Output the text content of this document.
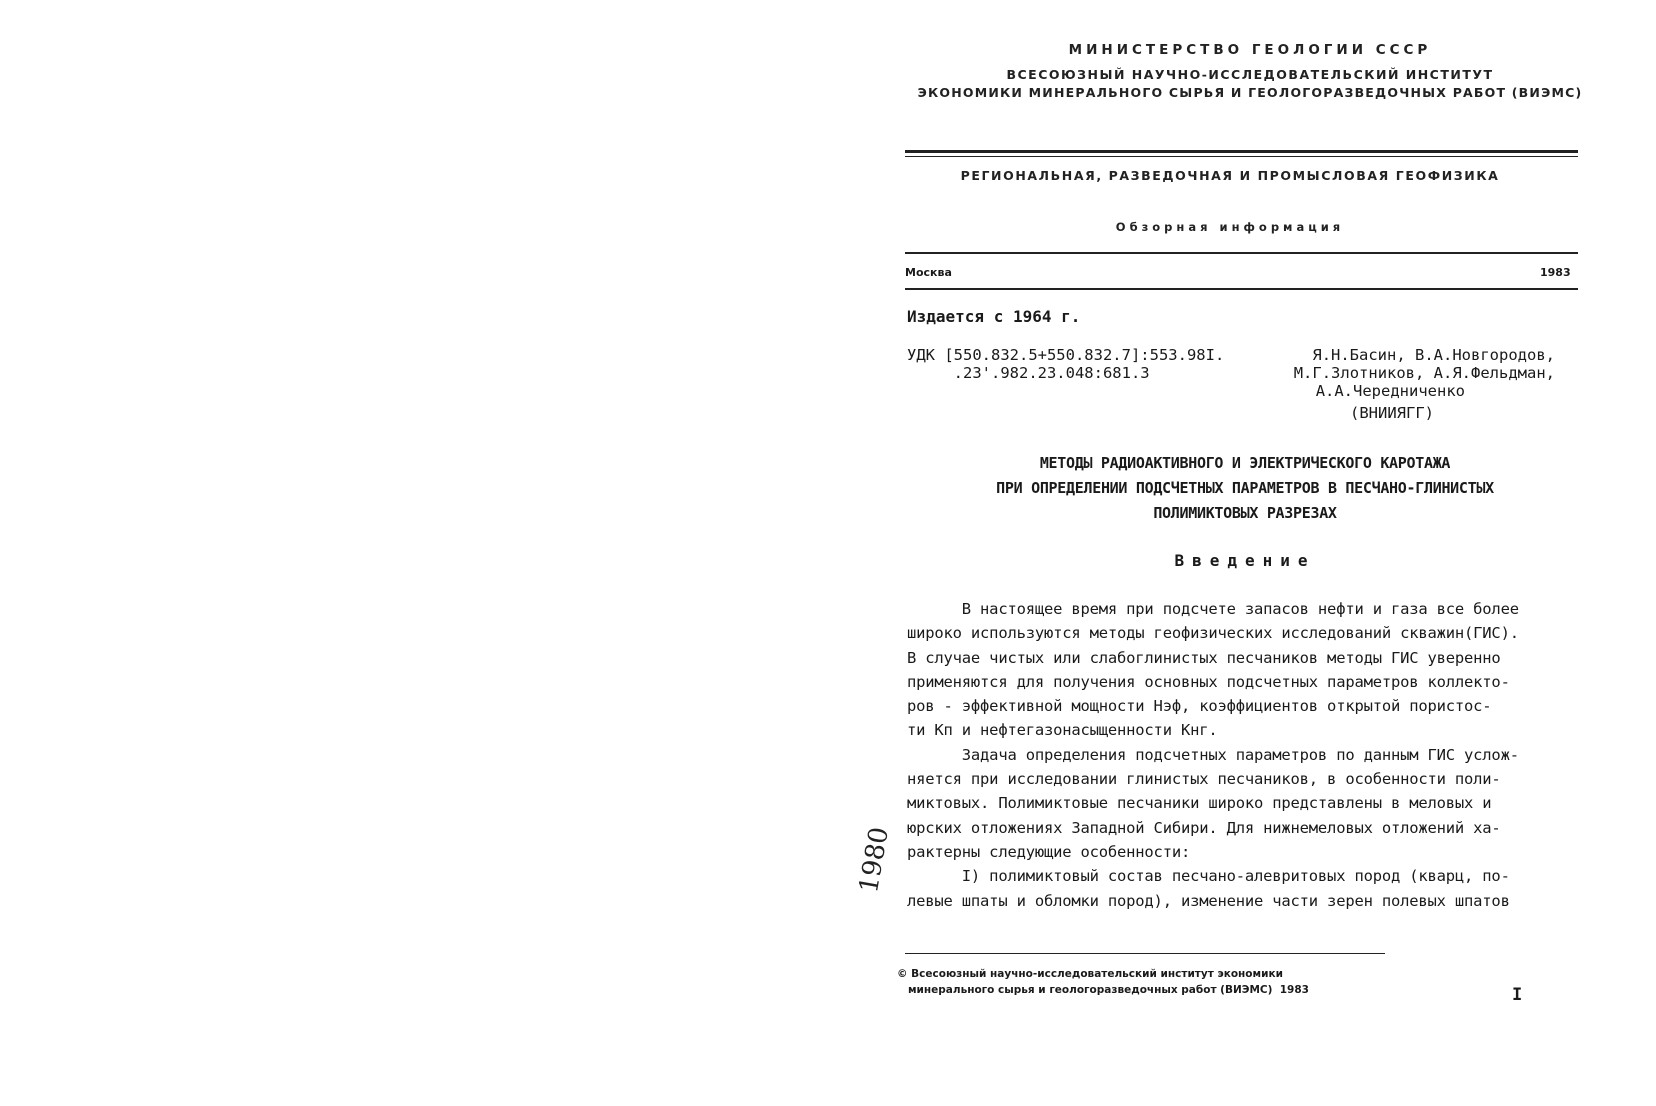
МИНИСТЕРСТВО ГЕОЛОГИИ СССР
ВСЕСОЮЗНЫЙ НАУЧНО-ИССЛЕДОВАТЕЛЬСКИЙ ИНСТИТУТ
ЭКОНОМИКИ МИНЕРАЛЬНОГО СЫРЬЯ И ГЕОЛОГОРАЗВЕДОЧНЫХ РАБОТ (ВИЭМС)
РЕГИОНАЛЬНАЯ, РАЗВЕДОЧНАЯ И ПРОМЫСЛОВАЯ ГЕОФИЗИКА
Обзорная информация
Москва	1983
Издается с 1964 г.
УДК [550.832.5+550.832.7]:553.98I.
.23'.982.23.048:681.3
Я.Н.Басин, В.А.Новгородов,
М.Г.Злотников, А.Я.Фельдман,
А.А.Чередниченко
(ВНИИЯГГ)
МЕТОДЫ РАДИОАКТИВНОГО И ЭЛЕКТРИЧЕСКОГО КАРОТАЖА
ПРИ ОПРЕДЕЛЕНИИ ПОДСЧЕТНЫХ ПАРАМЕТРОВ В ПЕСЧАНО-ГЛИНИСТЫХ
ПОЛИМИКТОВЫХ РАЗРЕЗАХ
Введение
В настоящее время при подсчете запасов нефти и газа все более
широко используются методы геофизических исследований скважин(ГИС).
В случае чистых или слабоглинистых песчаников методы ГИС уверенно
применяются для получения основных подсчетных параметров коллекто-
ров - эффективной мощности Hэф, коэффициентов открытой пористос-
ти Kп и нефтегазонасыщенности Kнг.
Задача определения подсчетных параметров по данным ГИС услож-
няется при исследовании глинистых песчаников, в особенности поли-
миктовых. Полимиктовые песчаники широко представлены в меловых и
юрских отложениях Западной Сибири. Для нижнемеловых отложений ха-
рактерны следующие особенности:
I) полимиктовый состав песчано-алевритовых пород (кварц, по-
левые шпаты и обломки пород), изменение части зерен полевых шпатов
1980
© Всесоюзный научно-исследовательский институт экономики
минерального сырья и геологоразведочных работ (ВИЭМС)  1983	I
